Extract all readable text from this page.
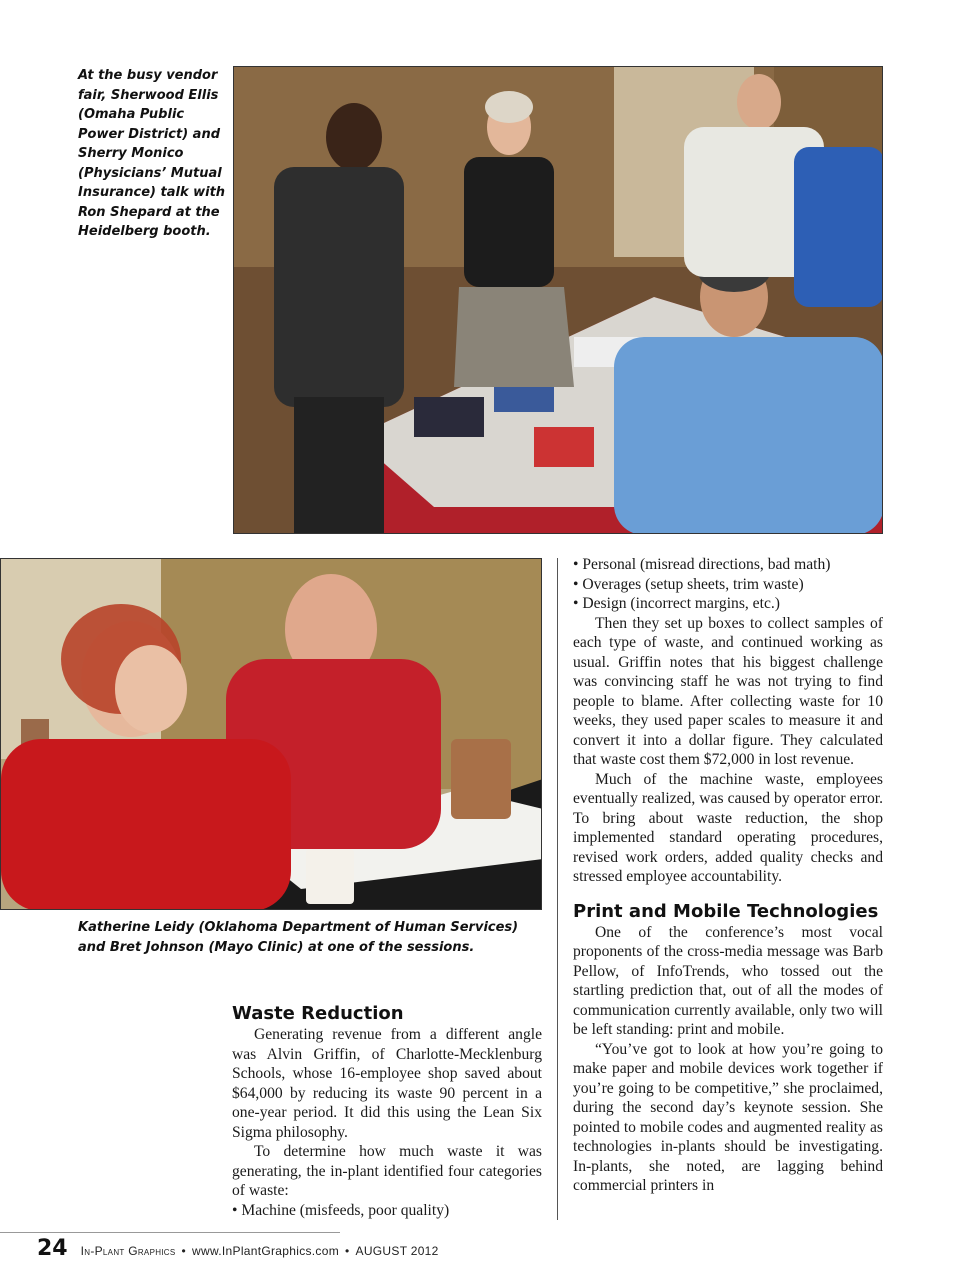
At the busy vendor fair, Sherwood Ellis (Omaha Public Power District) and Sherry Monico (Physicians’ Mutual Insurance) talk with Ron Shepard at the Heidelberg booth.

Katherine Leidy (Oklahoma Department of Human Services) and Bret Johnson (Mayo Clinic) at one of the sessions.

Waste Reduction

Generating revenue from a different angle was Alvin Griffin, of Charlotte-Mecklenburg Schools, whose 16-employee shop saved about $64,000 by reducing its waste 90 percent in a one-year period. It did this using the Lean Six Sigma philosophy.

To determine how much waste it was generating, the in-plant identified four categories of waste:

• Machine (misfeeds, poor quality)

• Personal (misread directions, bad math)

• Overages (setup sheets, trim waste)

• Design (incorrect margins, etc.)

Then they set up boxes to collect samples of each type of waste, and continued working as usual. Griffin notes that his biggest challenge was convincing staff he was not trying to find people to blame. After collecting waste for 10 weeks, they used paper scales to measure it and convert it into a dollar figure. They calculated that waste cost them $72,000 in lost revenue.

Much of the machine waste, employees eventually realized, was caused by operator error. To bring about waste reduction, the shop implemented standard operating procedures, revised work orders, added quality checks and stressed employee accountability.

Print and Mobile Technologies

One of the conference’s most vocal proponents of the cross-media message was Barb Pellow, of InfoTrends, who tossed out the startling prediction that, out of all the modes of communication currently available, only two will be left standing: print and mobile.

“You’ve got to look at how you’re going to make paper and mobile devices work together if you’re going to be competitive,” she proclaimed, during the second day’s keynote session. She pointed to mobile codes and augmented reality as technologies in-plants should be investigating. In-plants, she noted, are lagging behind commercial printers in

24 In-Plant Graphics • www.InPlantGraphics.com • AUGUST 2012
